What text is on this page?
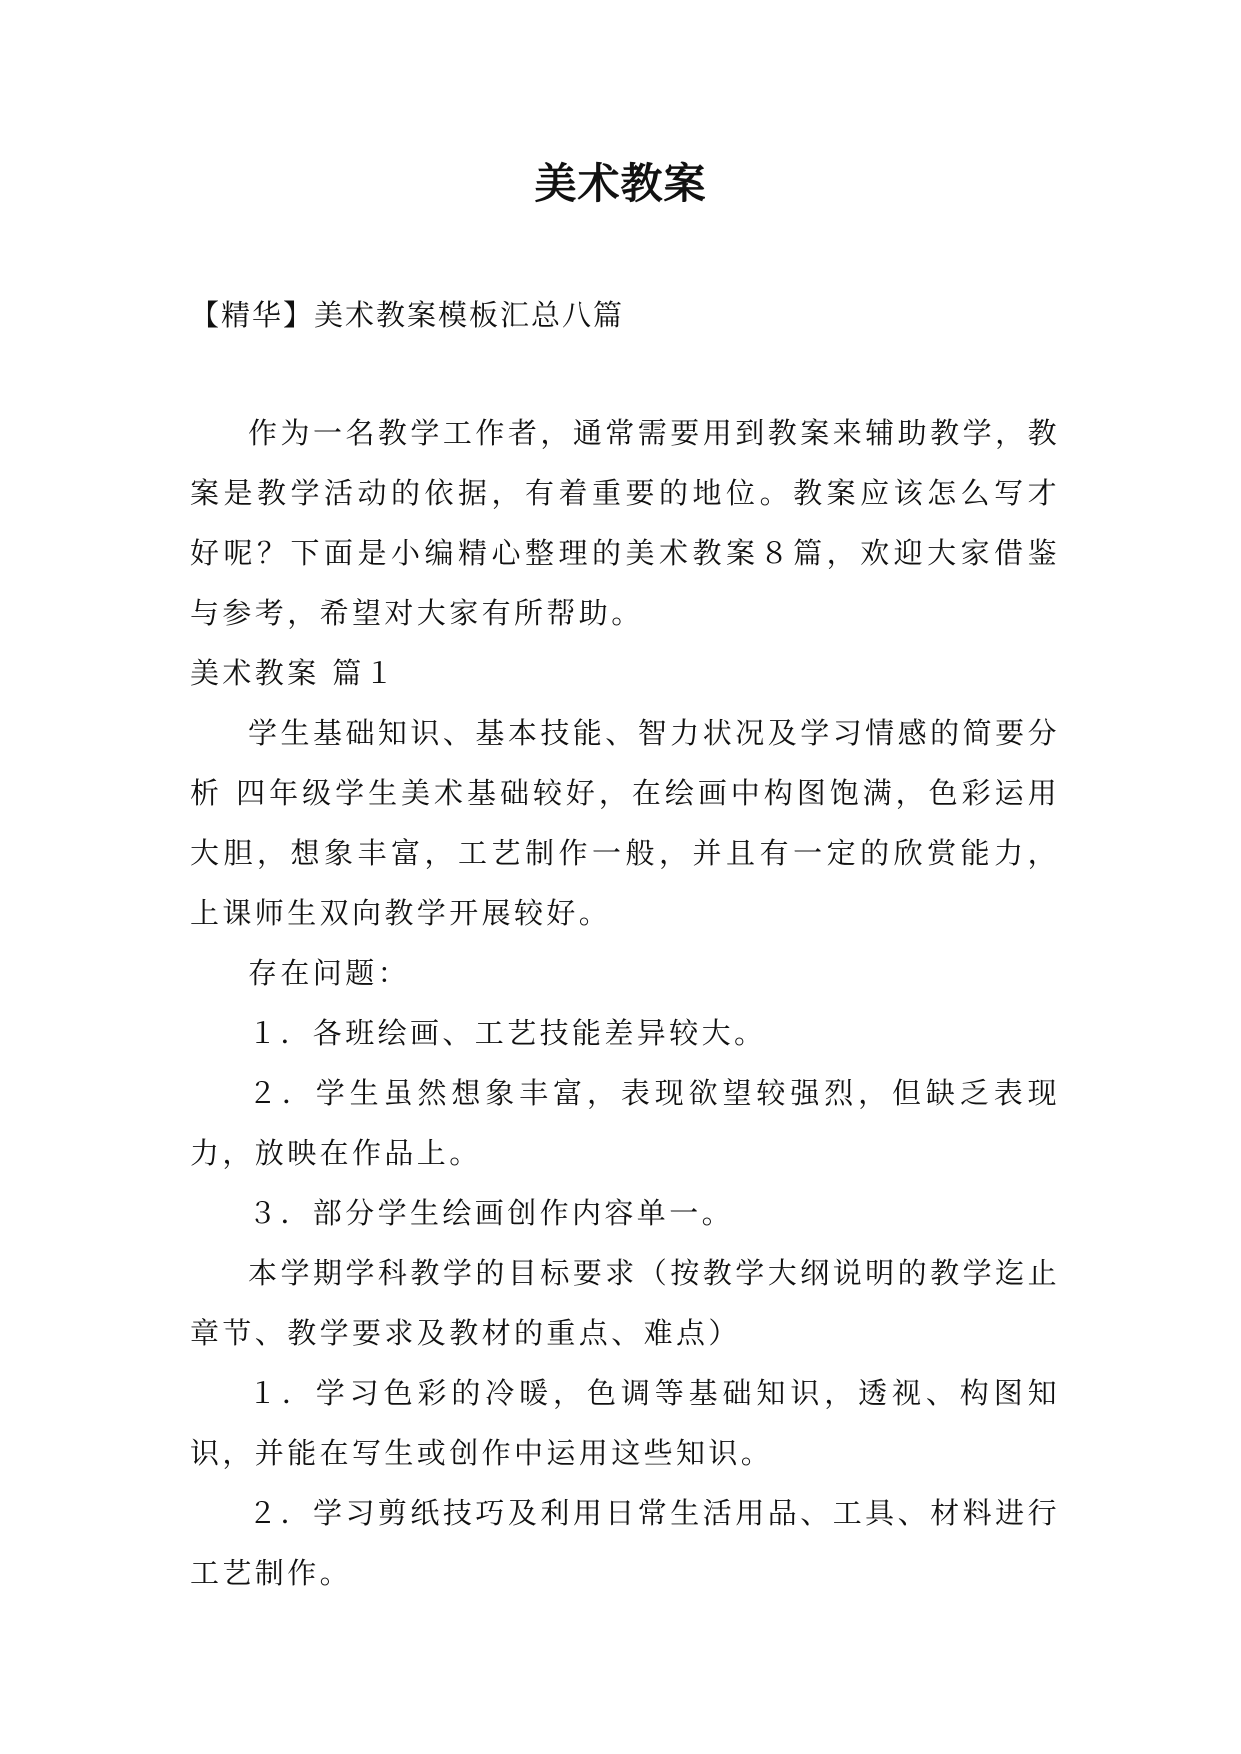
美术教案

【精华】美术教案模板汇总八篇

作为一名教学工作者，通常需要用到教案来辅助教学，教案是教学活动的依据，有着重要的地位。教案应该怎么写才好呢？下面是小编精心整理的美术教案８篇，欢迎大家借鉴与参考，希望对大家有所帮助。

美术教案 篇１

学生基础知识、基本技能、智力状况及学习情感的简要分析 四年级学生美术基础较好，在绘画中构图饱满，色彩运用大胆，想象丰富，工艺制作一般，并且有一定的欣赏能力，上课师生双向教学开展较好。

存在问题：

１．各班绘画、工艺技能差异较大。

２．学生虽然想象丰富，表现欲望较强烈，但缺乏表现力，放映在作品上。

３．部分学生绘画创作内容单一。

本学期学科教学的目标要求（按教学大纲说明的教学迄止章节、教学要求及教材的重点、难点）

１．学习色彩的冷暖，色调等基础知识，透视、构图知识，并能在写生或创作中运用这些知识。

２．学习剪纸技巧及利用日常生活用品、工具、材料进行工艺制作。
